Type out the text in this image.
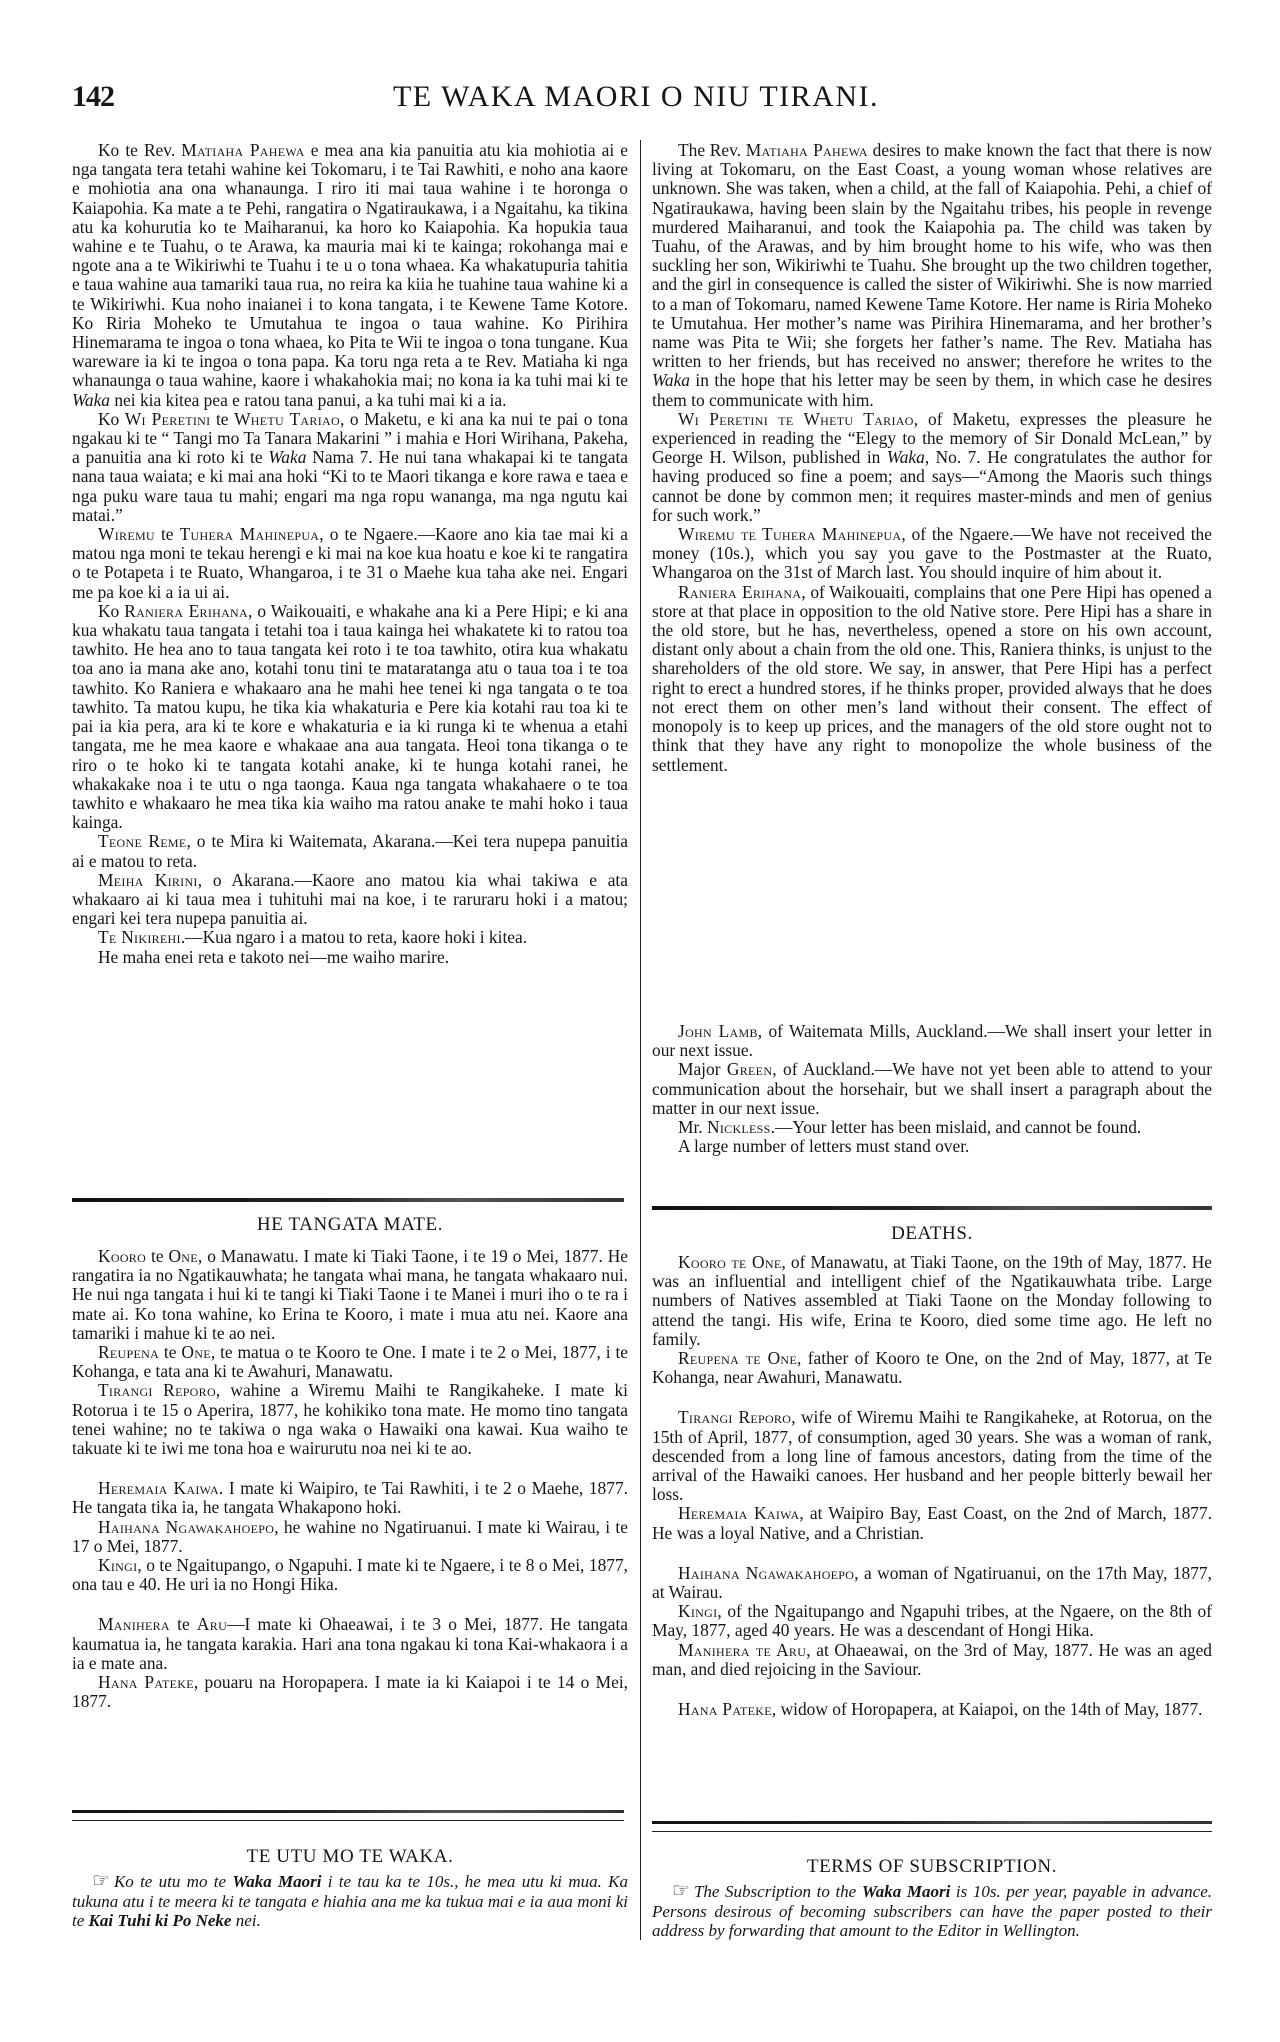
142	TE WAKA MAORI O NIU TIRANI.

Ko te Rev. Matiaha Pahewa e mea ana kia panuitia atu kia mohiotia ai e nga tangata tera tetahi wahine kei Tokomaru, i te Tai Rawhiti, e noho ana kaore e mohiotia ana ona whanaunga. I riro iti mai taua wahine i te horonga o Kaiapohia. Ka mate a te Pehi, rangatira o Ngatiraukawa, i a Ngaitahu, ka tikina atu ka kohurutia ko te Maiharanui, ka horo ko Kaiapohia. Ka hopukia taua wahine e te Tuahu, o te Arawa, ka mauria mai ki te kainga; rokohanga mai e ngote ana a te Wikiriwhi te Tuahu i te u o tona whaea. Ka whakatupuria tahitia e taua wahine aua tamariki taua rua, no reira ka kiia he tuahine taua wahine ki a te Wikiriwhi. Kua noho inaianei i to kona tangata, i te Kewene Tame Kotore. Ko Riria Moheko te Umutahua te ingoa o taua wahine. Ko Pirihira Hinemarama te ingoa o tona whaea, ko Pita te Wii te ingoa o tona tungane. Kua wareware ia ki te ingoa o tona papa. Ka toru nga reta a te Rev. Matiaha ki nga whanaunga o taua wahine, kaore i whakahokia mai; no kona ia ka tuhi mai ki te Waka nei kia kitea pea e ratou tana panui, a ka tuhi mai ki a ia.

Ko Wi Peretini te Whetu Tariao, o Maketu, e ki ana ka nui te pai o tona ngakau ki te “ Tangi mo Ta Tanara Makarini ” i mahia e Hori Wirihana, Pakeha, a panuitia ana ki roto ki te Waka Nama 7. He nui tana whakapai ki te tangata nana taua waiata; e ki mai ana hoki “Ki to te Maori tikanga e kore rawa e taea e nga puku ware taua tu mahi; engari ma nga ropu wananga, ma nga ngutu kai matai.”

Wiremu te Tuhera Mahinepua, o te Ngaere.—Kaore ano kia tae mai ki a matou nga moni te tekau herengi e ki mai na koe kua hoatu e koe ki te rangatira o te Potapeta i te Ruato, Whangaroa, i te 31 o Maehe kua taha ake nei. Engari me pa koe ki a ia ui ai.

Ko Raniera Erihana, o Waikouaiti, e whakahe ana ki a Pere Hipi; e ki ana kua whakatu taua tangata i tetahi toa i taua kainga hei whakatete ki to ratou toa tawhito. He hea ano to taua tangata kei roto i te toa tawhito, otira kua whakatu toa ano ia mana ake ano, kotahi tonu tini te mataratanga atu o taua toa i te toa tawhito. Ko Raniera e whakaaro ana he mahi hee tenei ki nga tangata o te toa tawhito. Ta matou kupu, he tika kia whakaturia e Pere kia kotahi rau toa ki te pai ia kia pera, ara ki te kore e whakaturia e ia ki runga ki te whenua a etahi tangata, me he mea kaore e whakaae ana aua tangata. Heoi tona tikanga o te riro o te hoko ki te tangata kotahi anake, ki te hunga kotahi ranei, he whakakake noa i te utu o nga taonga. Kaua nga tangata whakahaere o te toa tawhito e whakaaro he mea tika kia waiho ma ratou anake te mahi hoko i taua kainga.

Teone Reme, o te Mira ki Waitemata, Akarana.—Kei tera nupepa panuitia ai e matou to reta.

Meiha Kirini, o Akarana.—Kaore ano matou kia whai takiwa e ata whakaaro ai ki taua mea i tuhituhi mai na koe, i te raruraru hoki i a matou; engari kei tera nupepa panuitia ai.

Te Nikirehi.—Kua ngaro i a matou to reta, kaore hoki i kitea.

He maha enei reta e takoto nei—me waiho marire.

HE TANGATA MATE.

Kooro te One, o Manawatu. I mate ki Tiaki Taone, i te 19 o Mei, 1877. He rangatira ia no Ngatikauwhata; he tangata whai mana, he tangata whakaaro nui. He nui nga tangata i hui ki te tangi ki Tiaki Taone i te Manei i muri iho o te ra i mate ai. Ko tona wahine, ko Erina te Kooro, i mate i mua atu nei. Kaore ana tamariki i mahue ki te ao nei.

Reupena te One, te matua o te Kooro te One. I mate i te 2 o Mei, 1877, i te Kohanga, e tata ana ki te Awahuri, Manawatu.

Tirangi Reporo, wahine a Wiremu Maihi te Rangikaheke. I mate ki Rotorua i te 15 o Aperira, 1877, he kohikiko tona mate. He momo tino tangata tenei wahine; no te takiwa o nga waka o Hawaiki ona kawai. Kua waiho te takuate ki te iwi me tona hoa e wairurutu noa nei ki te ao.

Heremaia Kaiwa. I mate ki Waipiro, te Tai Rawhiti, i te 2 o Maehe, 1877. He tangata tika ia, he tangata Whakapono hoki.

Haihana Ngawakahoepo, he wahine no Ngatiruanui. I mate ki Wairau, i te 17 o Mei, 1877.

Kingi, o te Ngaitupango, o Ngapuhi. I mate ki te Ngaere, i te 8 o Mei, 1877, ona tau e 40. He uri ia no Hongi Hika.

Manihera te Aru—I mate ki Ohaeawai, i te 3 o Mei, 1877. He tangata kaumatua ia, he tangata karakia. Hari ana tona ngakau ki tona Kai-whakaora i a ia e mate ana.

Hana Pateke, pouaru na Horopapera. I mate ia ki Kaiapoi i te 14 o Mei, 1877.

TE UTU MO TE WAKA.

☞ Ko te utu mo te Waka Maori i te tau ka te 10s., he mea utu ki mua. Ka tukuna atu i te meera ki te tangata e hiahia ana me ka tukua mai e ia aua moni ki te Kai Tuhi ki Po Neke nei.

The Rev. Matiaha Pahewa desires to make known the fact that there is now living at Tokomaru, on the East Coast, a young woman whose relatives are unknown. She was taken, when a child, at the fall of Kaiapohia. Pehi, a chief of Ngatiraukawa, having been slain by the Ngaitahu tribes, his people in revenge murdered Maiharanui, and took the Kaiapohia pa. The child was taken by Tuahu, of the Arawas, and by him brought home to his wife, who was then suckling her son, Wikiriwhi te Tuahu. She brought up the two children together, and the girl in consequence is called the sister of Wikiriwhi. She is now married to a man of Tokomaru, named Kewene Tame Kotore. Her name is Riria Moheko te Umutahua. Her mother’s name was Pirihira Hinemarama, and her brother’s name was Pita te Wii; she forgets her father’s name. The Rev. Matiaha has written to her friends, but has received no answer; therefore he writes to the Waka in the hope that his letter may be seen by them, in which case he desires them to communicate with him.

Wi Peretini te Whetu Tariao, of Maketu, expresses the pleasure he experienced in reading the “Elegy to the memory of Sir Donald McLean,” by George H. Wilson, published in Waka, No. 7. He congratulates the author for having produced so fine a poem; and says—“Among the Maoris such things cannot be done by common men; it requires master-minds and men of genius for such work.”

Wiremu te Tuhera Mahinepua, of the Ngaere.—We have not received the money (10s.), which you say you gave to the Postmaster at the Ruato, Whangaroa on the 31st of March last. You should inquire of him about it.

Raniera Erihana, of Waikouaiti, complains that one Pere Hipi has opened a store at that place in opposition to the old Native store. Pere Hipi has a share in the old store, but he has, nevertheless, opened a store on his own account, distant only about a chain from the old one. This, Raniera thinks, is unjust to the shareholders of the old store. We say, in answer, that Pere Hipi has a perfect right to erect a hundred stores, if he thinks proper, provided always that he does not erect them on other men’s land without their consent. The effect of monopoly is to keep up prices, and the managers of the old store ought not to think that they have any right to monopolize the whole business of the settlement.

John Lamb, of Waitemata Mills, Auckland.—We shall insert your letter in our next issue.

Major Green, of Auckland.—We have not yet been able to attend to your communication about the horsehair, but we shall insert a paragraph about the matter in our next issue.

Mr. Nickless.—Your letter has been mislaid, and cannot be found.

A large number of letters must stand over.

DEATHS.

Kooro te One, of Manawatu, at Tiaki Taone, on the 19th of May, 1877. He was an influential and intelligent chief of the Ngatikauwhata tribe. Large numbers of Natives assembled at Tiaki Taone on the Monday following to attend the tangi. His wife, Erina te Kooro, died some time ago. He left no family.

Reupena te One, father of Kooro te One, on the 2nd of May, 1877, at Te Kohanga, near Awahuri, Manawatu.

Tirangi Reporo, wife of Wiremu Maihi te Rangikaheke, at Rotorua, on the 15th of April, 1877, of consumption, aged 30 years. She was a woman of rank, descended from a long line of famous ancestors, dating from the time of the arrival of the Hawaiki canoes. Her husband and her people bitterly bewail her loss.

Heremaia Kaiwa, at Waipiro Bay, East Coast, on the 2nd of March, 1877. He was a loyal Native, and a Christian.

Haihana Ngawakahoepo, a woman of Ngatiruanui, on the 17th May, 1877, at Wairau.

Kingi, of the Ngaitupango and Ngapuhi tribes, at the Ngaere, on the 8th of May, 1877, aged 40 years. He was a descendant of Hongi Hika.

Manihera te Aru, at Ohaeawai, on the 3rd of May, 1877. He was an aged man, and died rejoicing in the Saviour.

Hana Pateke, widow of Horopapera, at Kaiapoi, on the 14th of May, 1877.

TERMS OF SUBSCRIPTION.

☞ The Subscription to the Waka Maori is 10s. per year, payable in advance. Persons desirous of becoming subscribers can have the paper posted to their address by forwarding that amount to the Editor in Wellington.
